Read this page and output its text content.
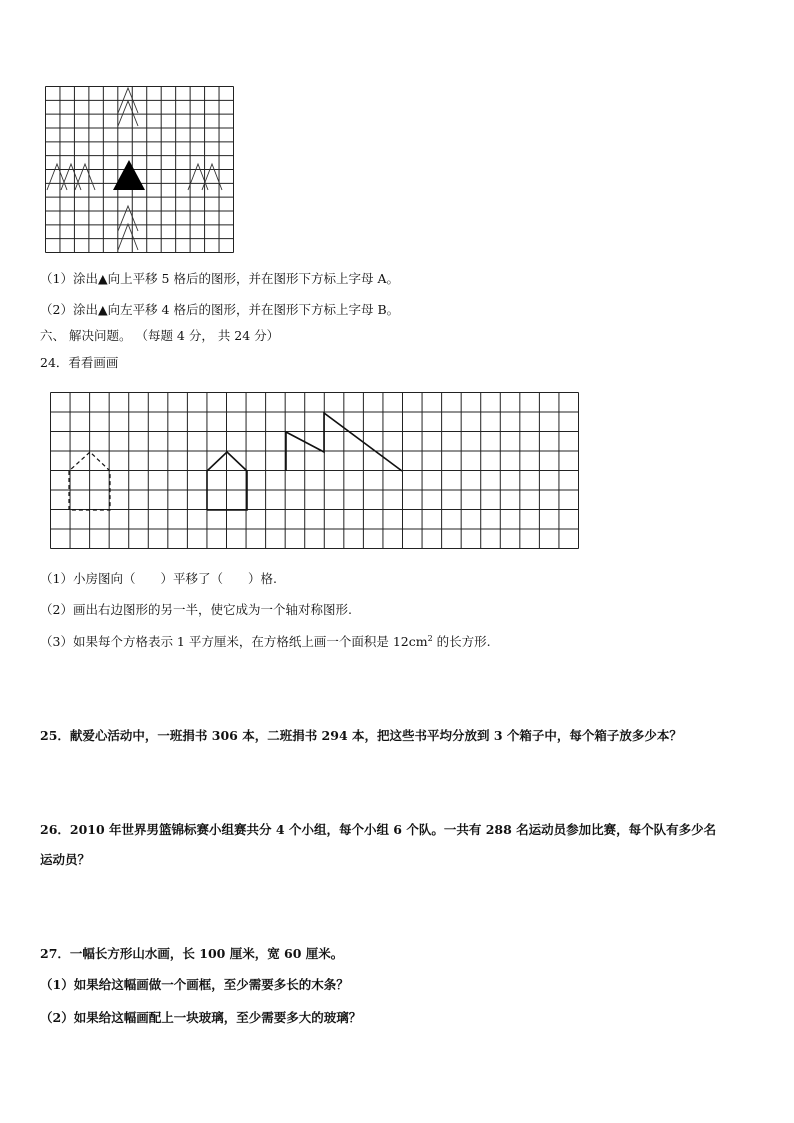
（1）涂出▲向上平移 5 格后的图形，并在图形下方标上字母 A。
（2）涂出▲向左平移 4 格后的图形，并在图形下方标上字母 B。
六、 解决问题。 （每题 4 分， 共 24 分）
24．看看画画
（1）小房图向（　　）平移了（　　）格.
（2）画出右边图形的另一半，使它成为一个轴对称图形.
（3）如果每个方格表示 1 平方厘米，在方格纸上画一个面积是 $12cm^2$ 的长方形.
25．献爱心活动中，一班捐书 306 本，二班捐书 294 本，把这些书平均分放到 3 个箱子中，每个箱子放多少本？
26．2010 年世界男篮锦标赛小组赛共分 4 个小组，每个小组 6 个队。一共有 288 名运动员参加比赛，每个队有多少名
运动员？
27．一幅长方形山水画，长 100 厘米，宽 60 厘米。
（1）如果给这幅画做一个画框，至少需要多长的木条？
（2）如果给这幅画配上一块玻璃，至少需要多大的玻璃？
